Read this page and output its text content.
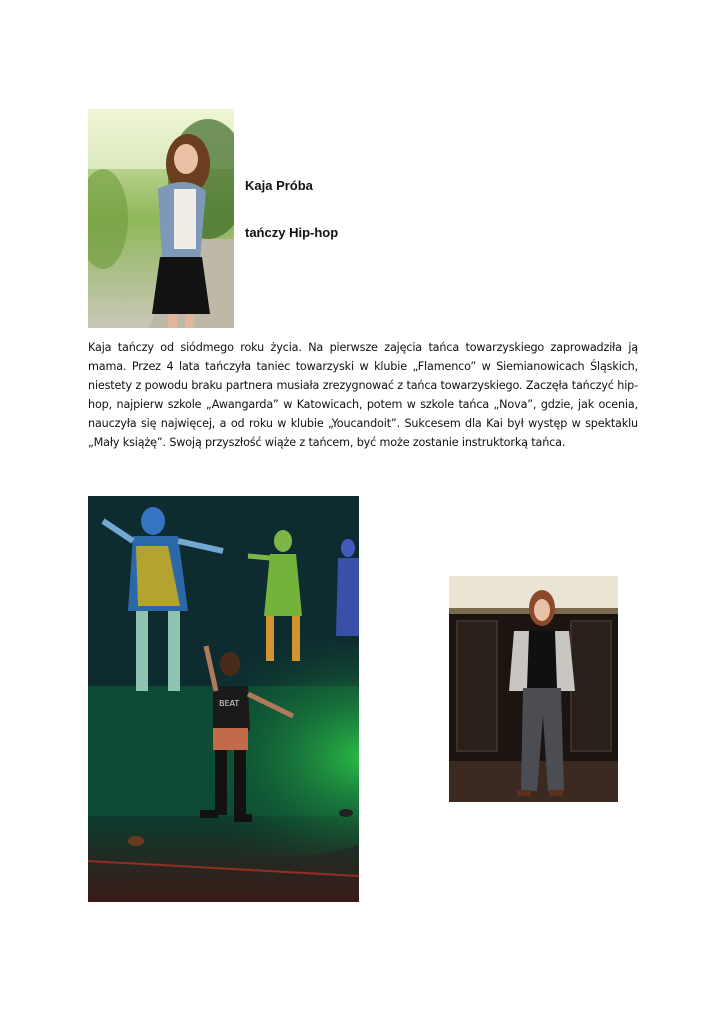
Kaja Próba
tańczy Hip-hop

Kaja tańczy od siódmego roku życia. Na pierwsze zajęcia tańca towarzyskiego zaprowadziła ją mama. Przez 4 lata tańczyła taniec towarzyski w klubie „Flamenco” w Siemianowicach Śląskich, niestety z powodu braku partnera musiała zrezygnować z tańca towarzyskiego. Zaczęła tańczyć hip-hop, najpierw szkole „Awangarda” w Katowicach, potem w szkole tańca „Nova”, gdzie, jak ocenia, nauczyła się najwięcej, a od roku w klubie „Youcandoit”. Sukcesem dla Kai był występ w spektaklu „Mały książę”. Swoją przyszłość wiąże z tańcem, być może zostanie instruktorką tańca.

BEAT
